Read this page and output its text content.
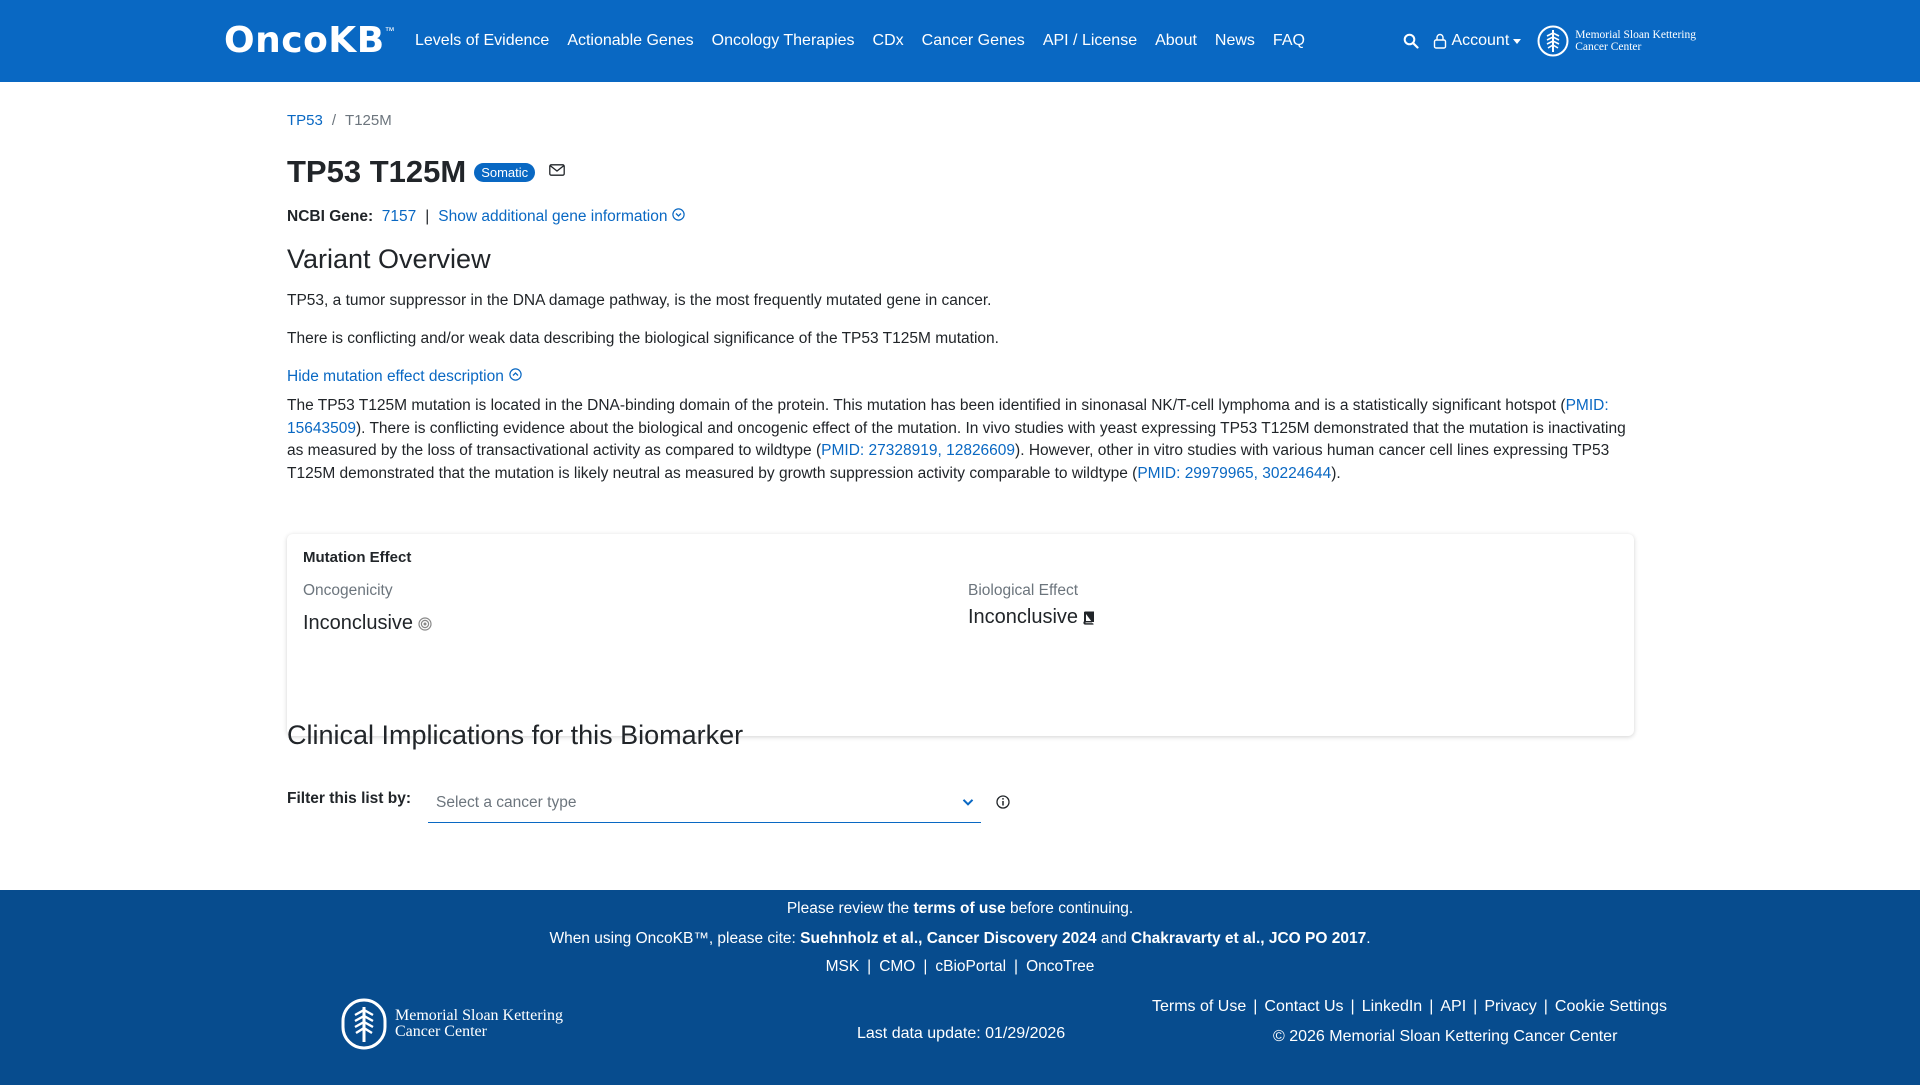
OncoKB ™
Levels of Evidence Actionable Genes Oncology Therapies CDx Cancer Genes API / License About News FAQ	Account	Memorial Sloan Kettering
Cancer Center
TP53 / T125M
TP53 T125M	Somatic
NCBI Gene:
7157 | Show additional gene information
Variant Overview
TP53, a tumor suppressor in the DNA damage pathway, is the most frequently mutated gene in cancer.
There is conflicting and/or weak data describing the biological significance of the TP53 T125M mutation.
Hide mutation effect description
The TP53 T125M mutation is located in the DNA-binding domain of the protein. This mutation has been identified in sinonasal NK/T-cell lymphoma and is a statistically significant hotspot (PMID: 15643509). There is conflicting evidence about the biological and oncogenic effect of the mutation. In vivo studies with yeast expressing TP53 T125M demonstrated that the mutation is inactivating as measured by the loss of transactivational activity as compared to wildtype (PMID: 27328919, 12826609). However, other in vitro studies with various human cancer cell lines expressing TP53 T125M demonstrated that the mutation is likely neutral as measured by growth suppression activity comparable to wildtype (PMID: 29979965, 30224644).
Mutation Effect
Oncogenicity
Inconclusive
Biological Effect
Inconclusive
Clinical Implications for this Biomarker
Filter this list by: Select a cancer type
Please review the terms of use before continuing.
When using OncoKB™, please cite: Suehnholz et al., Cancer Discovery 2024 and Chakravarty et al., JCO PO 2017.
MSK | CMO | cBioPortal | OncoTree
Memorial Sloan Kettering
Cancer Center	Last data update: 01/29/2026
Terms of Use | Contact Us | LinkedIn | API | Privacy | Cookie Settings
© 2026 Memorial Sloan Kettering Cancer Center
